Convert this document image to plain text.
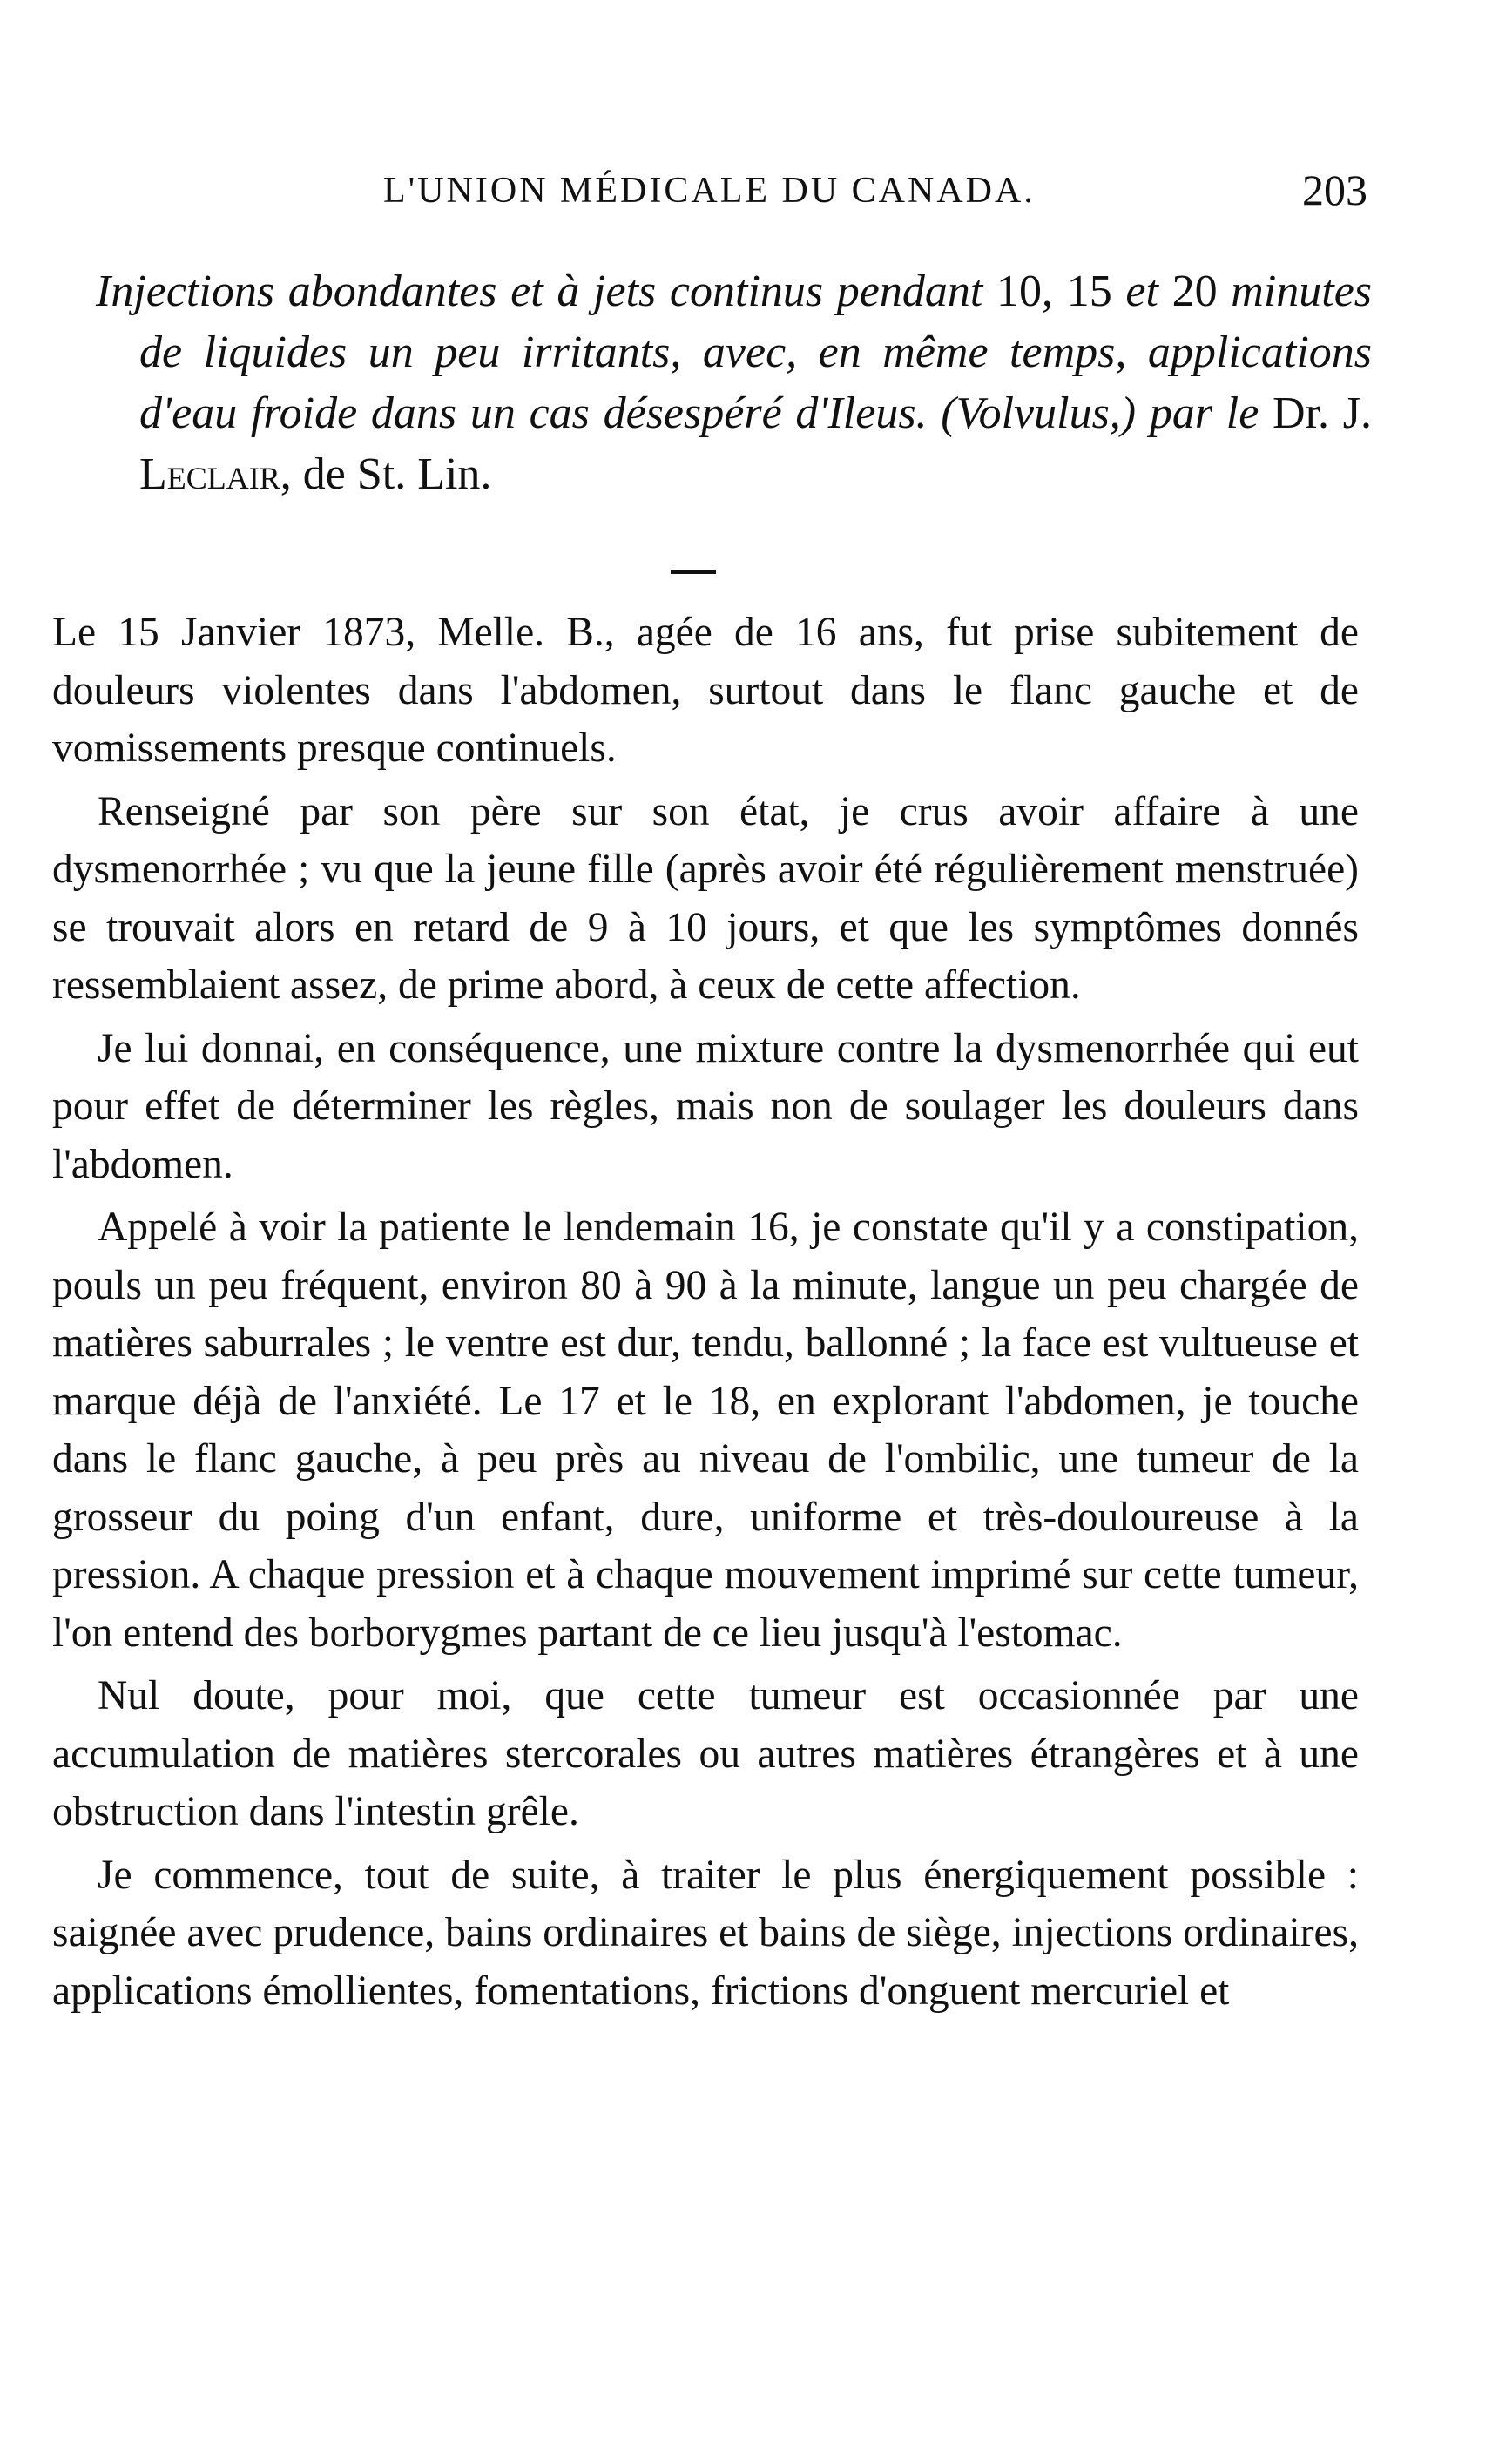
L'UNION MÉDICALE DU CANADA.	203
Injections abondantes et à jets continus pendant 10, 15 et 20 minutes de liquides un peu irritants, avec, en même temps, applications d'eau froide dans un cas désespéré d'Ileus. (Volvulus,) par le Dr. J. Leclair, de St. Lin.

Le 15 Janvier 1873, Melle. B., agée de 16 ans, fut prise subitement de douleurs violentes dans l'abdomen, surtout dans le flanc gauche et de vomissements presque continuels.

Renseigné par son père sur son état, je crus avoir affaire à une dysmenorrhée ; vu que la jeune fille (après avoir été régulièrement menstruée) se trouvait alors en retard de 9 à 10 jours, et que les symptômes donnés ressemblaient assez, de prime abord, à ceux de cette affection.

Je lui donnai, en conséquence, une mixture contre la dysmenorrhée qui eut pour effet de déterminer les règles, mais non de soulager les douleurs dans l'abdomen.

Appelé à voir la patiente le lendemain 16, je constate qu'il y a constipation, pouls un peu fréquent, environ 80 à 90 à la minute, langue un peu chargée de matières saburrales ; le ventre est dur, tendu, ballonné ; la face est vultueuse et marque déjà de l'anxiété. Le 17 et le 18, en explorant l'abdomen, je touche dans le flanc gauche, à peu près au niveau de l'ombilic, une tumeur de la grosseur du poing d'un enfant, dure, uniforme et très-douloureuse à la pression. A chaque pression et à chaque mouvement imprimé sur cette tumeur, l'on entend des borborygmes partant de ce lieu jusqu'à l'estomac.

Nul doute, pour moi, que cette tumeur est occasionnée par une accumulation de matières stercorales ou autres matières étrangères et à une obstruction dans l'intestin grêle.

Je commence, tout de suite, à traiter le plus énergiquement possible : saignée avec prudence, bains ordinaires et bains de siège, injections ordinaires, applications émollientes, fomentations, frictions d'onguent mercuriel et
